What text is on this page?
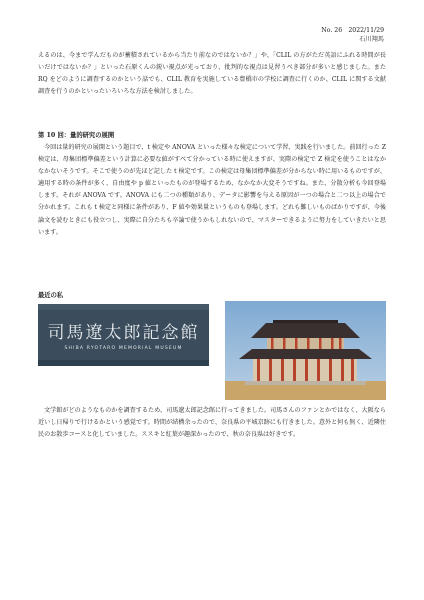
No. 26　2022/11/29
石川翔馬

えるのは、今まで学んだものが蓄積されているから当たり前なのではないか？」や、「CLIL の方がただ英語にふれる時間が長いだけではないか？」といった石原くんの鋭い視点が光っており、批判的な視点は見習うべき部分が多いと感じました。また RQ をどのように調査するのかという話でも、CLIL 教育を実施している豊橋市の学校に調査に行くのか、CLIL に関する文献調査を行うのかといったいろいろな方法を検討しました。

第 10 回：量的研究の展開

今回は量的研究の展開という題目で、t 検定や ANOVA といった様々な検定について学習、実践を行いました。前回行った Z 検定は、母集団標準偏差という計算に必要な値がすべて分かっている時に使えますが、実際の検定で Z 検定を使うことはなかなかないそうです。そこで使うのが先ほど記した t 検定です。この検定は母集団標準偏差が分からない時に用いるものですが、適用する時の条件が多く、自由度や p 値といったものが登場するため、なかなか大変そうですね。また、分散分析も今回登場します。それが ANOVA です。ANOVA にも二つの種類があり、データに影響を与える原因が一つの場合と二つ以上の場合で分かれます。これも t 検定と同様に条件があり、F 値や効果量というものも登場します。どれも難しいものばかりですが、今後論文を読むときにも役立つし、実際に自分たちも卒論で使うかもしれないので、マスターできるように努力をしていきたいと思います。

最近の私

司馬遼太郎記念館
SHIBA RYOTARO MEMORIAL MUSEUM

文学館がどのようなものかを調査するため、司馬遼太郎記念館に行ってきました。司馬さんのファンとかではなく、大阪なら近いし日帰りで行けるかという感覚です。時間が結構余ったので、奈良県の平城京跡にも行きました。意外と何も無く、近隣住民のお散歩コースと化していました。ススキと紅葉が趣深かったので、秋の奈良県は好きです。
